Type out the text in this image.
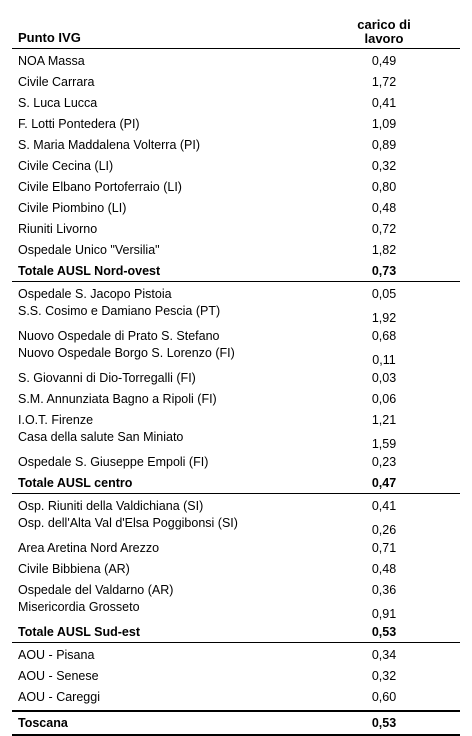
Punto IVG
carico di lavoro
NOA Massa	0,49
Civile Carrara	1,72
S. Luca Lucca	0,41
F. Lotti Pontedera (PI)	1,09
S. Maria Maddalena Volterra (PI)	0,89
Civile Cecina (LI)	0,32
Civile Elbano Portoferraio (LI)	0,80
Civile Piombino (LI)	0,48
Riuniti Livorno	0,72
Ospedale Unico "Versilia"	1,82
Totale AUSL Nord-ovest	0,73
Ospedale S. Jacopo Pistoia	0,05
S.S. Cosimo e Damiano Pescia (PT)	1,92
Nuovo Ospedale di Prato S. Stefano	0,68
Nuovo Ospedale Borgo S. Lorenzo (FI)	0,11
S. Giovanni di Dio-Torregalli (FI)	0,03
S.M. Annunziata Bagno a Ripoli (FI)	0,06
I.O.T. Firenze	1,21
Casa della salute San Miniato	1,59
Ospedale S. Giuseppe Empoli (FI)	0,23
Totale AUSL centro	0,47
Osp. Riuniti della Valdichiana (SI)	0,41
Osp. dell'Alta Val d'Elsa Poggibonsi (SI)	0,26
Area Aretina Nord Arezzo	0,71
Civile Bibbiena (AR)	0,48
Ospedale del Valdarno (AR)	0,36
Misericordia Grosseto	0,91
Totale AUSL Sud-est	0,53
AOU - Pisana	0,34
AOU - Senese	0,32
AOU - Careggi	0,60
Toscana	0,53
